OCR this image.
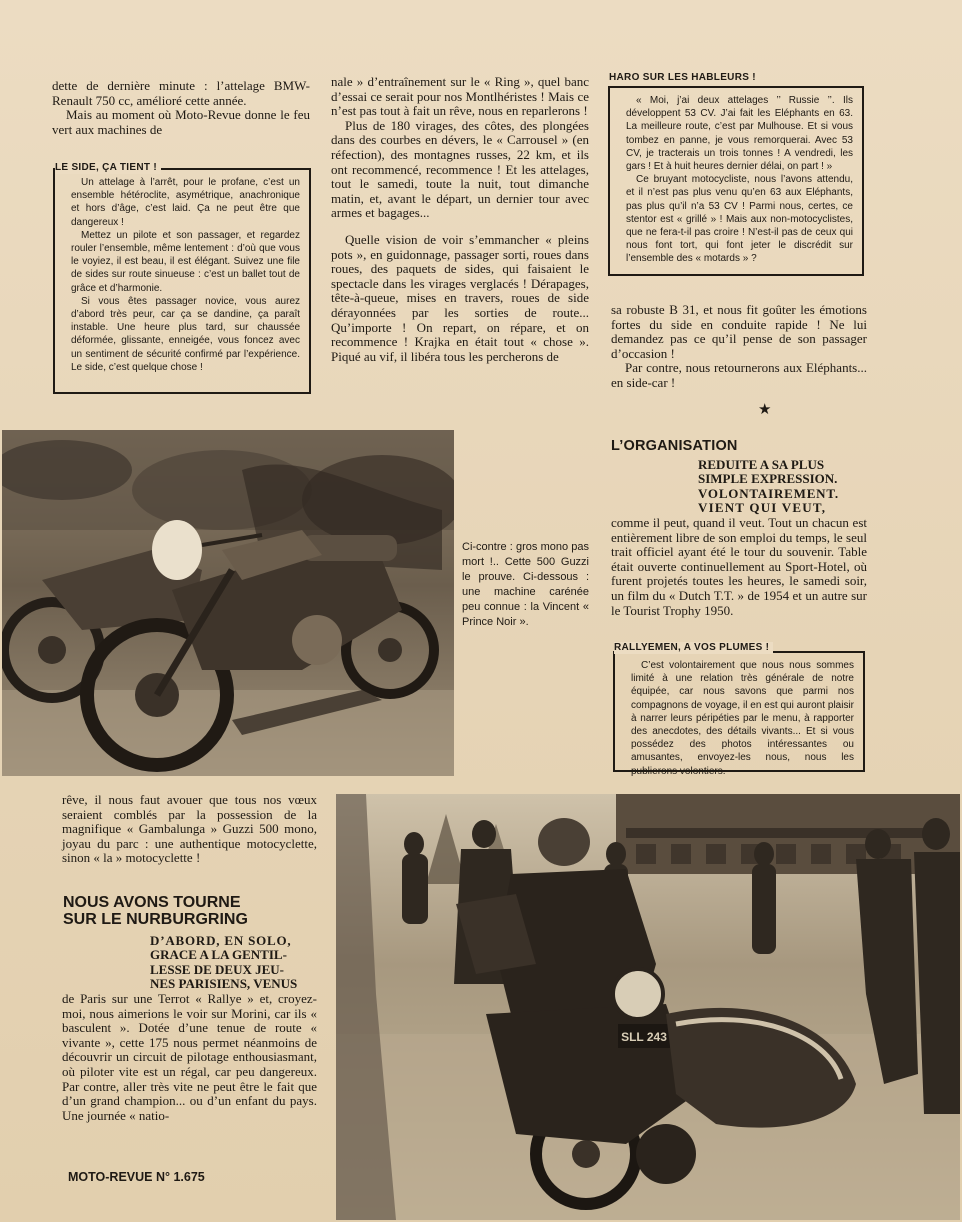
dette de dernière minute : l’attelage BMW-Renault 750 cc, amélioré cette année.

Mais au moment où Moto-Revue donne le feu vert aux machines de

Un attelage à l’arrêt, pour le profane, c’est un ensemble hétéroclite, asymétrique, anachronique et hors d’âge, c’est laid. Ça ne peut être que dangereux !

Mettez un pilote et son passager, et regardez rouler l’ensemble, même lentement : d’où que vous le voyiez, il est beau, il est élégant. Suivez une file de sides sur route sinueuse : c’est un ballet tout de grâce et d’harmonie.

Si vous êtes passager novice, vous aurez d’abord très peur, car ça se dandine, ça paraît instable. Une heure plus tard, sur chaussée déformée, glissante, enneigée, vous foncez avec un sentiment de sécurité confirmé par l’expérience. Le side, c’est quelque chose !

LE SIDE, ÇA TIENT !

nale » d’entraînement sur le « Ring », quel banc d’essai ce serait pour nos Montlhéristes ! Mais ce n’est pas tout à fait un rêve, nous en reparlerons !

Plus de 180 virages, des côtes, des plongées dans des courbes en dévers, le « Carrousel » (en réfection), des montagnes russes, 22 km, et ils ont recommencé, recommence ! Et les attelages, tout le samedi, toute la nuit, tout dimanche matin, et, avant le départ, un dernier tour avec armes et bagages...

Quelle vision de voir s’emmancher « pleins pots », en guidonnage, passager sorti, roues dans roues, des paquets de sides, qui faisaient le spectacle dans les virages verglacés ! Dérapages, tête-à-queue, mises en travers, roues de side dérayonnées par les sorties de route... Qu’importe ! On repart, on répare, et on recommence ! Krajka en était tout « chose ». Piqué au vif, il libéra tous les percherons de

« Moi, j’ai deux attelages ’’ Russie ’’. Ils développent 53 CV. J’ai fait les Eléphants en 63. La meilleure route, c’est par Mulhouse. Et si vous tombez en panne, je vous remorquerai. Avec 53 CV, je tracterais un trois tonnes ! A vendredi, les gars ! Et à huit heures dernier délai, on part ! »

Ce bruyant motocycliste, nous l’avons attendu, et il n’est pas plus venu qu’en 63 aux Eléphants, pas plus qu’il n’a 53 CV ! Parmi nous, certes, ce stentor est « grillé » ! Mais aux non-motocyclistes, que ne fera-t-il pas croire ! N’est-il pas de ceux qui nous font tort, qui font jeter le discrédit sur l’ensemble des « motards » ?

HARO SUR LES HABLEURS !

sa robuste B 31, et nous fit goûter les émotions fortes du side en conduite rapide ! Ne lui demandez pas ce qu’il pense de son passager d’occasion !

Par contre, nous retournerons aux Eléphants... en side-car !

★
L’ORGANISATION
REDUITE A SA PLUS
SIMPLE EXPRESSION.
VOLONTAIREMENT.
VIENT QUI VEUT,

comme il peut, quand il veut. Tout un chacun est entièrement libre de son emploi du temps, le seul trait officiel ayant été le tour du souvenir. Table était ouverte continuellement au Sport-Hotel, où furent projetés toutes les heures, le samedi soir, un film du « Dutch T.T. » de 1954 et un autre sur le Tourist Trophy 1950.

C’est volontairement que nous nous sommes limité à une relation très générale de notre équipée, car nous savons que parmi nos compagnons de voyage, il en est qui auront plaisir à narrer leurs péripéties par le menu, à rapporter des anecdotes, des détails vivants... Et si vous possédez des photos intéressantes ou amusantes, envoyez-les nous, nous les publierons volontiers.

RALLYEMEN, A VOS PLUMES !
Ci-contre : gros mono pas mort !.. Cette 500 Guzzi le prouve. Ci-dessous : une machine carénée peu connue : la Vincent « Prince Noir ».

rêve, il nous faut avouer que tous nos vœux seraient comblés par la possession de la magnifique « Gambalunga » Guzzi 500 mono, joyau du parc : une authentique motocyclette, sinon « la » motocyclette !

NOUS AVONS TOURNE
SUR LE NURBURGRING
D’ABORD, EN SOLO,
GRACE A LA GENTIL-
LESSE DE DEUX JEU-
NES PARISIENS, VENUS

de Paris sur une Terrot « Rallye » et, croyez-moi, nous aimerions le voir sur Morini, car ils « basculent ». Dotée d’une tenue de route « vivante », cette 175 nous permet néanmoins de découvrir un circuit de pilotage enthousiasmant, où piloter vite est un régal, car peu dangereux. Par contre, aller très vite ne peut être le fait que d’un grand champion... ou d’un enfant du pays. Une journée « natio-

MOTO-REVUE N° 1.675
SLL 243
